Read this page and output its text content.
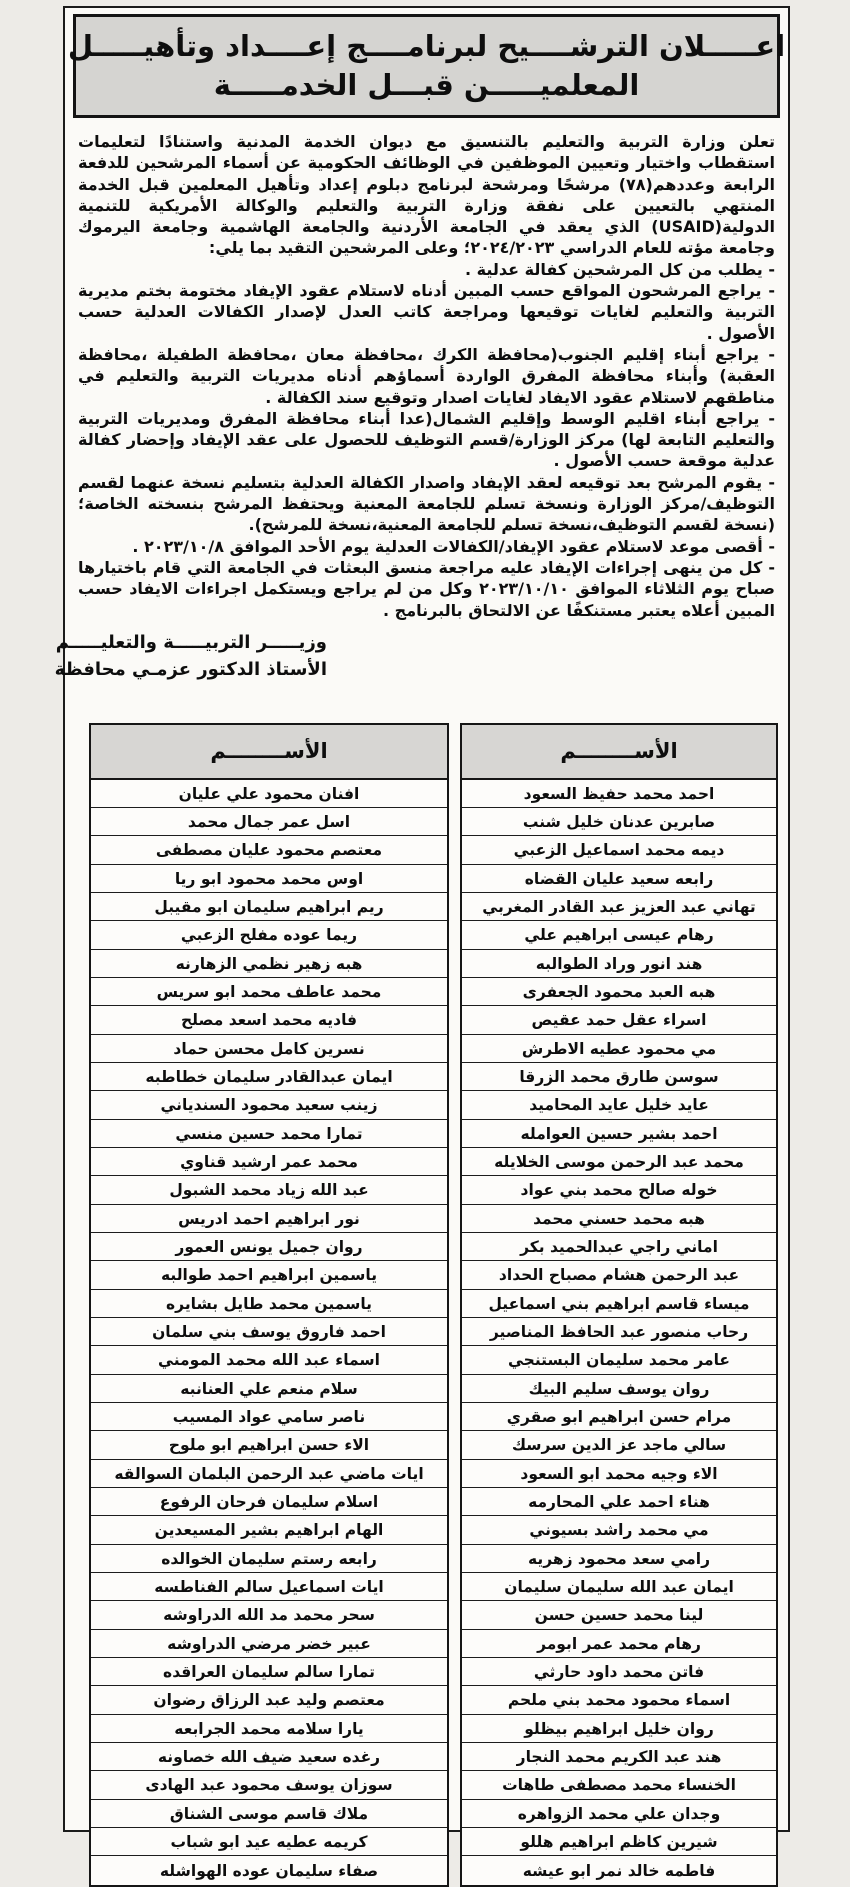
اعـــــلان الترشــــيح لبرنامــــج إعــــداد وتأهيـــــل
المعلميـــــن قبـــل الخدمـــــة

تعلن وزارة التربية والتعليم بالتنسيق مع ديوان الخدمة المدنية واستنادًا لتعليمات استقطاب واختيار وتعيين الموظفين في الوظائف الحكومية عن أسماء المرشحين للدفعة الرابعة وعددهم(٧٨) مرشحًا ومرشحة لبرنامج دبلوم إعداد وتأهيل المعلمين قبل الخدمة المنتهي بالتعيين على نفقة وزارة التربية والتعليم والوكالة الأمريكية للتنمية الدولية(USAID) الذي يعقد في الجامعة الأردنية والجامعة الهاشمية وجامعة اليرموك وجامعة مؤته للعام الدراسي ٢٠٢٤/٢٠٢٣؛ وعلى المرشحين التقيد بما يلي:

- يطلب من كل المرشحين كفالة عدلية .

- يراجع المرشحون المواقع حسب المبين أدناه لاستلام عقود الإيفاد مختومة بختم مديرية التربية والتعليم لغايات توقيعها ومراجعة كاتب العدل لإصدار الكفالات العدلية حسب الأصول .

- يراجع أبناء إقليم الجنوب(محافظة الكرك ،محافظة معان ،محافظة الطفيلة ،محافظة العقبة) وأبناء محافظة المفرق الواردة أسماؤهم أدناه مديريات التربية والتعليم في مناطقهم لاستلام عقود الايفاد لغايات اصدار وتوقيع سند الكفالة .

- يراجع أبناء اقليم الوسط وإقليم الشمال(عدا أبناء محافظة المفرق ومديريات التربية والتعليم التابعة لها) مركز الوزارة/قسم التوظيف للحصول على عقد الإيفاد وإحضار كفالة عدلية موقعة حسب الأصول .

- يقوم المرشح بعد توقيعه لعقد الإيفاد واصدار الكفالة العدلية بتسليم نسخة عنهما لقسم التوظيف/مركز الوزارة ونسخة تسلم للجامعة المعنية ويحتفظ المرشح بنسخته الخاصة؛(نسخة لقسم التوظيف،نسخة تسلم للجامعة المعنية،نسخة للمرشح).

- أقصى موعد لاستلام عقود الإيفاد/الكفالات العدلية يوم الأحد الموافق ٢٠٢٣/١٠/٨ .

- كل من ينهى إجراءات الإيفاد عليه مراجعة منسق البعثات في الجامعة التي قام باختيارها صباح يوم الثلاثاء الموافق ٢٠٢٣/١٠/١٠ وكل من لم يراجع ويستكمل اجراءات الايفاد حسب المبين أعلاه يعتبر مستنكفًا عن الالتحاق بالبرنامج .

وزيـــــر التربيـــــة والتعليـــــم
الأستاذ الدكتور عزمـي محافظة
الأســــــــم
افنان محمود علي عليان
اسل عمر جمال محمد
معتصم محمود عليان مصطفى
اوس محمد محمود ابو ريا
ريم ابراهيم سليمان ابو مقيبل
ريما عوده مفلح الزعبي
هبه زهير نظمي الزهارنه
محمد عاطف محمد ابو سريس
فاديه محمد اسعد مصلح
نسرين كامل محسن حماد
ايمان عبدالقادر سليمان خطاطبه
زينب سعيد محمود السندياني
تمارا محمد حسين منسي
محمد عمر ارشيد قناوي
عبد الله زياد محمد الشبول
نور ابراهيم احمد ادريس
روان جميل يونس العمور
ياسمين ابراهيم احمد طوالبه
ياسمين محمد طايل بشايره
احمد فاروق يوسف بني سلمان
اسماء عبد الله محمد المومني
سلام منعم علي العنانبه
ناصر سامي عواد المسيب
الاء حسن ابراهيم ابو ملوح
ايات ماضي عبد الرحمن البلمان السوالقه
اسلام سليمان فرحان الرفوع
الهام ابراهيم بشير المسيعدين
رابعه رستم سليمان الخوالده
ايات اسماعيل سالم الفناطسه
سحر محمد مد الله الدراوشه
عبير خضر مرضي الدراوشه
تمارا سالم سليمان العراقده
معتصم وليد عبد الرزاق رضوان
يارا سلامه محمد الجرابعه
رغده سعيد ضيف الله خصاونه
سوزان يوسف محمود عبد الهادى
ملاك قاسم موسى الشناق
كريمه عطيه عيد ابو شباب
صفاء سليمان عوده الهواشله
الأســــــــم
احمد محمد حفيظ السعود
صابرين عدنان خليل شنب
ديمه محمد اسماعيل الزعبي
رابعه سعيد عليان القضاه
تهاني عبد العزيز عبد القادر المغربي
رهام عيسى ابراهيم علي
هند انور وراد الطوالبه
هبه العبد محمود الجعفرى
اسراء عقل حمد عقيص
مي محمود عطيه الاطرش
سوسن طارق محمد الزرقا
عايد خليل عايد المحاميد
احمد بشير حسين العوامله
محمد عبد الرحمن موسى الخلايله
خوله صالح محمد بني عواد
هبه محمد حسني محمد
اماني راجي عبدالحميد بكر
عبد الرحمن هشام مصباح الحداد
ميساء قاسم ابراهيم بني اسماعيل
رحاب منصور عبد الحافظ المناصير
عامر محمد سليمان البستنجي
روان يوسف سليم البيك
مرام حسن ابراهيم ابو صقري
سالي ماجد عز الدين سرسك
الاء وجيه محمد ابو السعود
هناء احمد علي المحارمه
مي محمد راشد بسيوني
رامي سعد محمود زهريه
ايمان عبد الله سليمان سليمان
لينا محمد حسين حسن
رهام محمد عمر ابومر
فاتن محمد داود حارثي
اسماء محمود محمد بني ملحم
روان خليل ابراهيم بيظلو
هند عبد الكريم محمد النجار
الخنساء محمد مصطفى طاهات
وجدان علي محمد الزواهره
شيرين كاظم ابراهيم هللو
فاطمه خالد نمر ابو عيشه
